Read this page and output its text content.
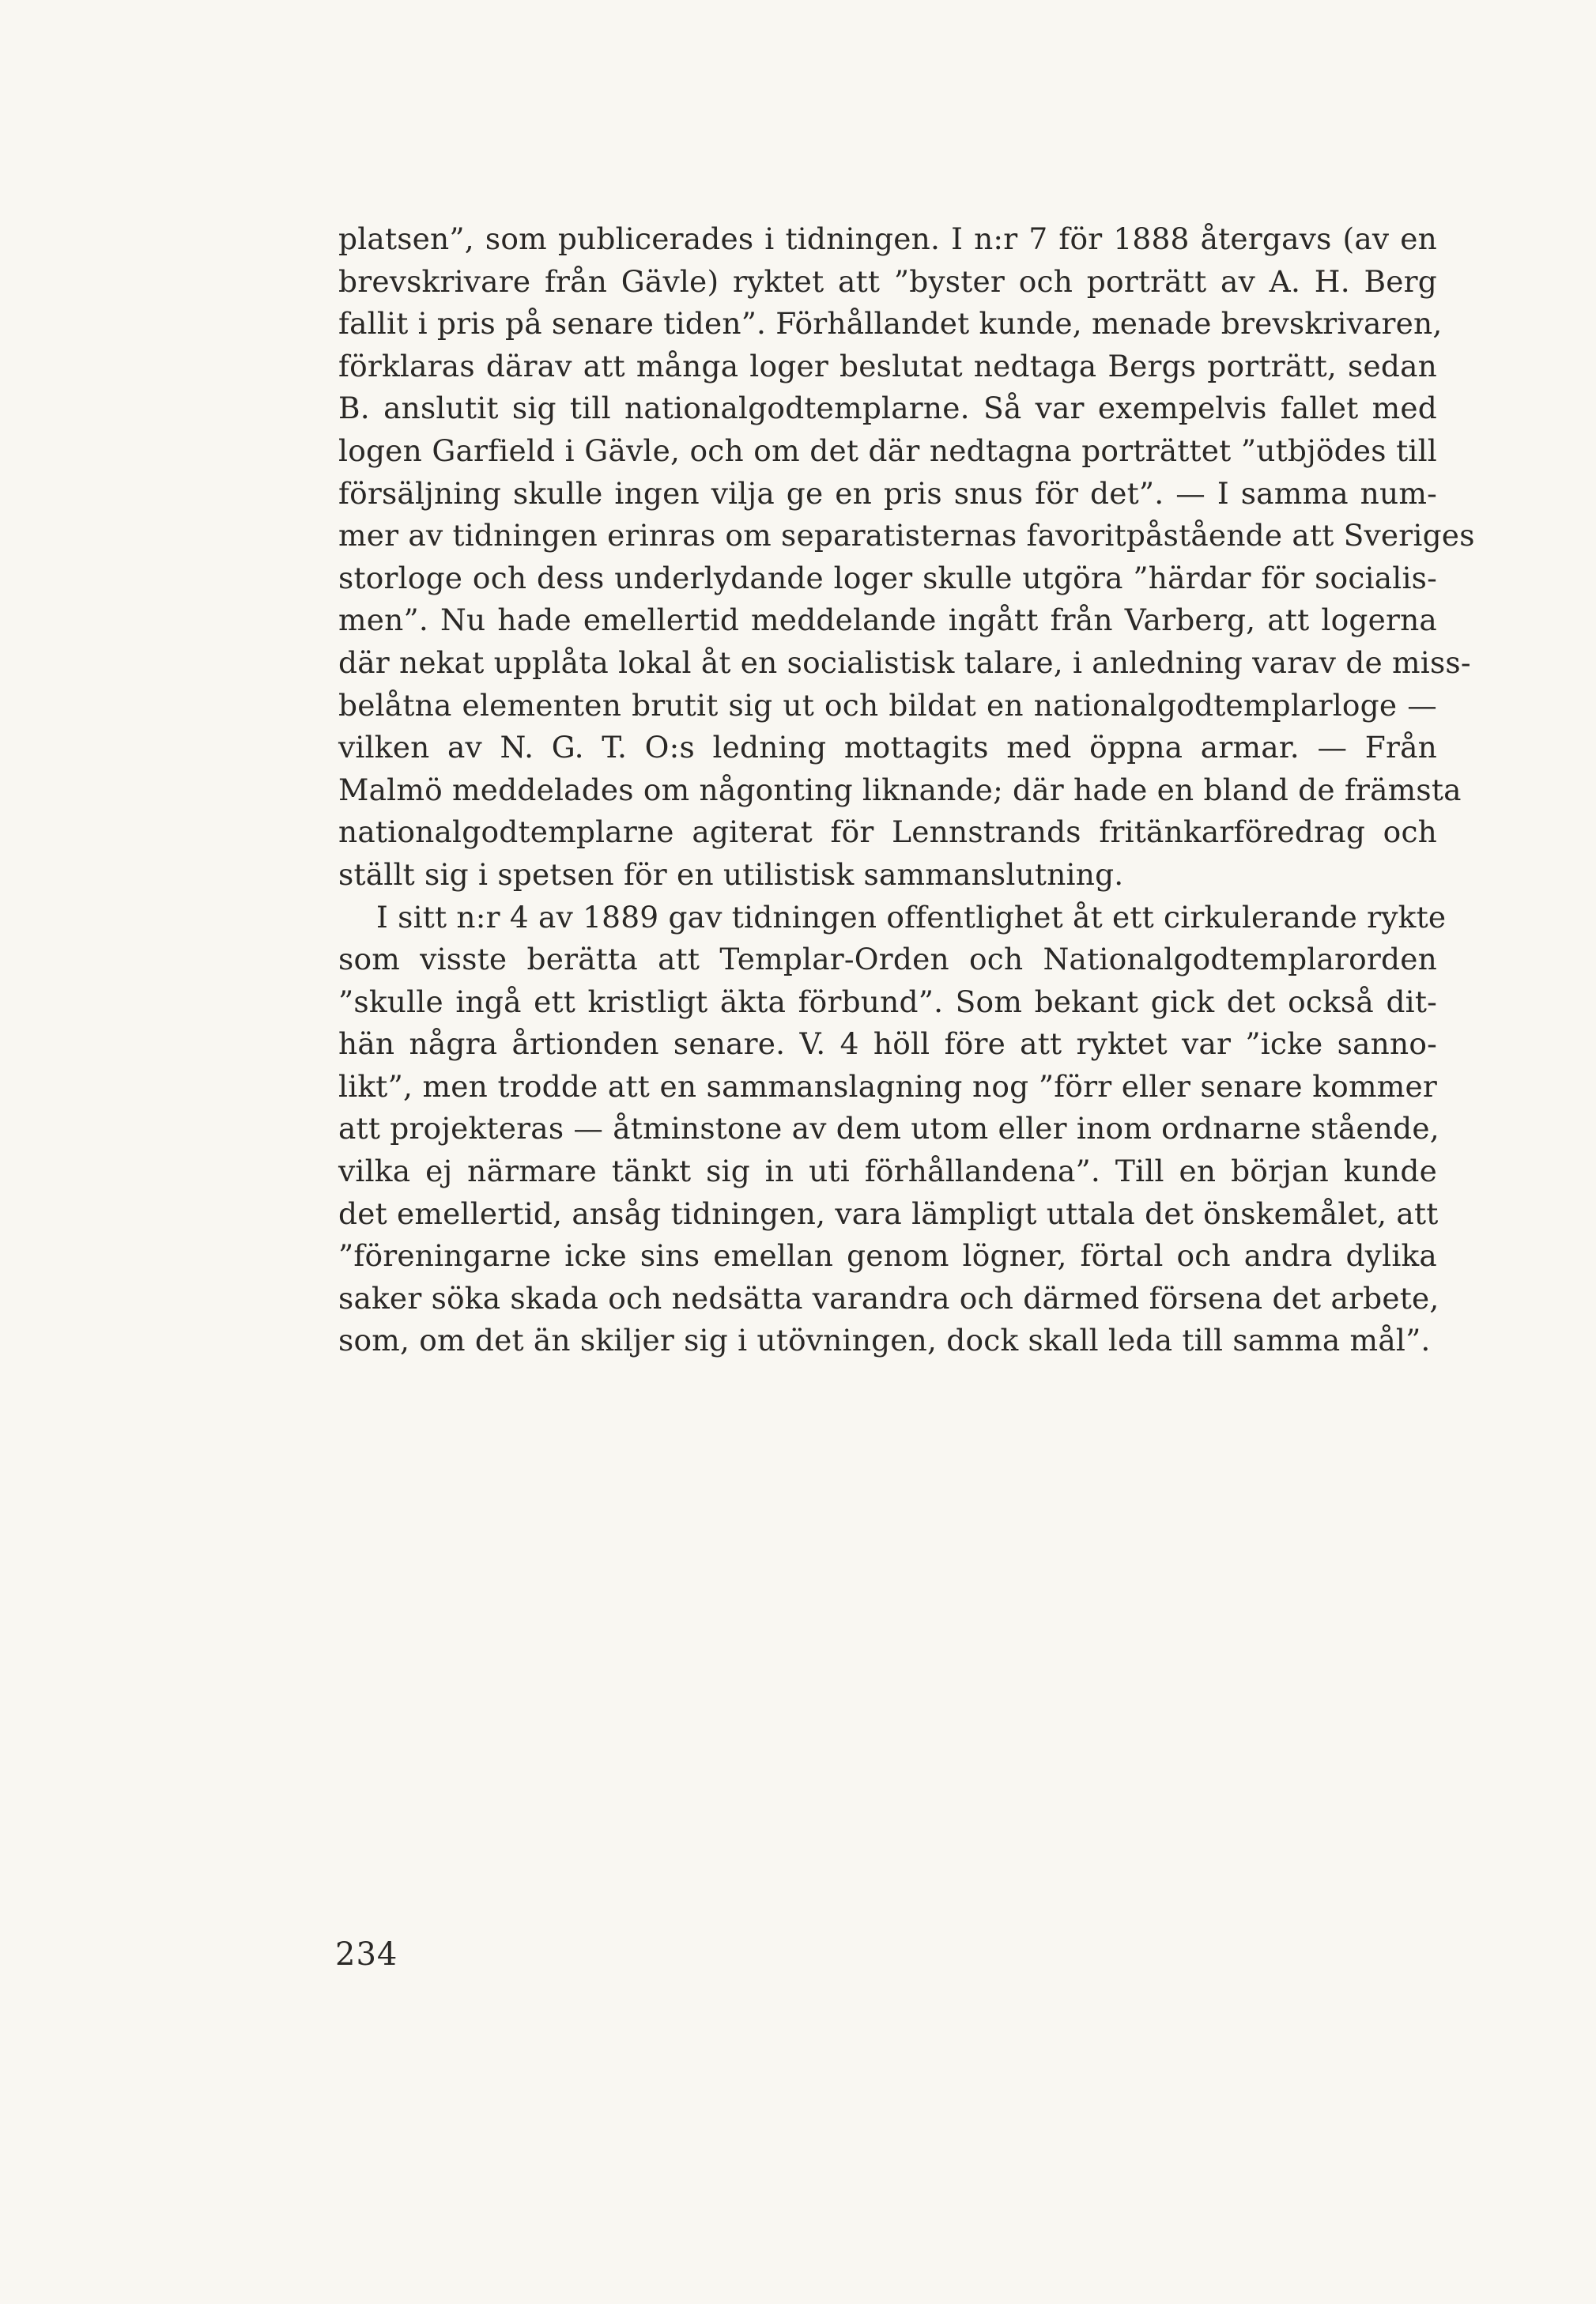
platsen”, som publicerades i tidningen. I n:r 7 för 1888 återgavs (av en
brevskrivare från Gävle) ryktet att ”byster och porträtt av A. H. Berg
fallit i pris på senare tiden”. Förhållandet kunde, menade brevskrivaren,
förklaras därav att många loger beslutat nedtaga Bergs porträtt, sedan
B. anslutit sig till nationalgodtemplarne. Så var exempelvis fallet med
logen Garfield i Gävle, och om det där nedtagna porträttet ”utbjödes till
försäljning skulle ingen vilja ge en pris snus för det”. — I samma num-
mer av tidningen erinras om separatisternas favoritpåstående att Sveriges
storloge och dess underlydande loger skulle utgöra ”härdar för socialis-
men”. Nu hade emellertid meddelande ingått från Varberg, att logerna
där nekat upplåta lokal åt en socialistisk talare, i anledning varav de miss-
belåtna elementen brutit sig ut och bildat en nationalgodtemplarloge —
vilken av N. G. T. O:s ledning mottagits med öppna armar. — Från
Malmö meddelades om någonting liknande; där hade en bland de främsta
nationalgodtemplarne agiterat för Lennstrands fritänkarföredrag och
ställt sig i spetsen för en utilistisk sammanslutning.
I sitt n:r 4 av 1889 gav tidningen offentlighet åt ett cirkulerande rykte
som visste berätta att Templar-Orden och Nationalgodtemplarorden
”skulle ingå ett kristligt äkta förbund”. Som bekant gick det också dit-
hän några årtionden senare. V. 4 höll före att ryktet var ”icke sanno-
likt”, men trodde att en sammanslagning nog ”förr eller senare kommer
att projekteras — åtminstone av dem utom eller inom ordnarne stående,
vilka ej närmare tänkt sig in uti förhållandena”. Till en början kunde
det emellertid, ansåg tidningen, vara lämpligt uttala det önskemålet, att
”föreningarne icke sins emellan genom lögner, förtal och andra dylika
saker söka skada och nedsätta varandra och därmed försena det arbete,
som, om det än skiljer sig i utövningen, dock skall leda till samma mål”.
234
